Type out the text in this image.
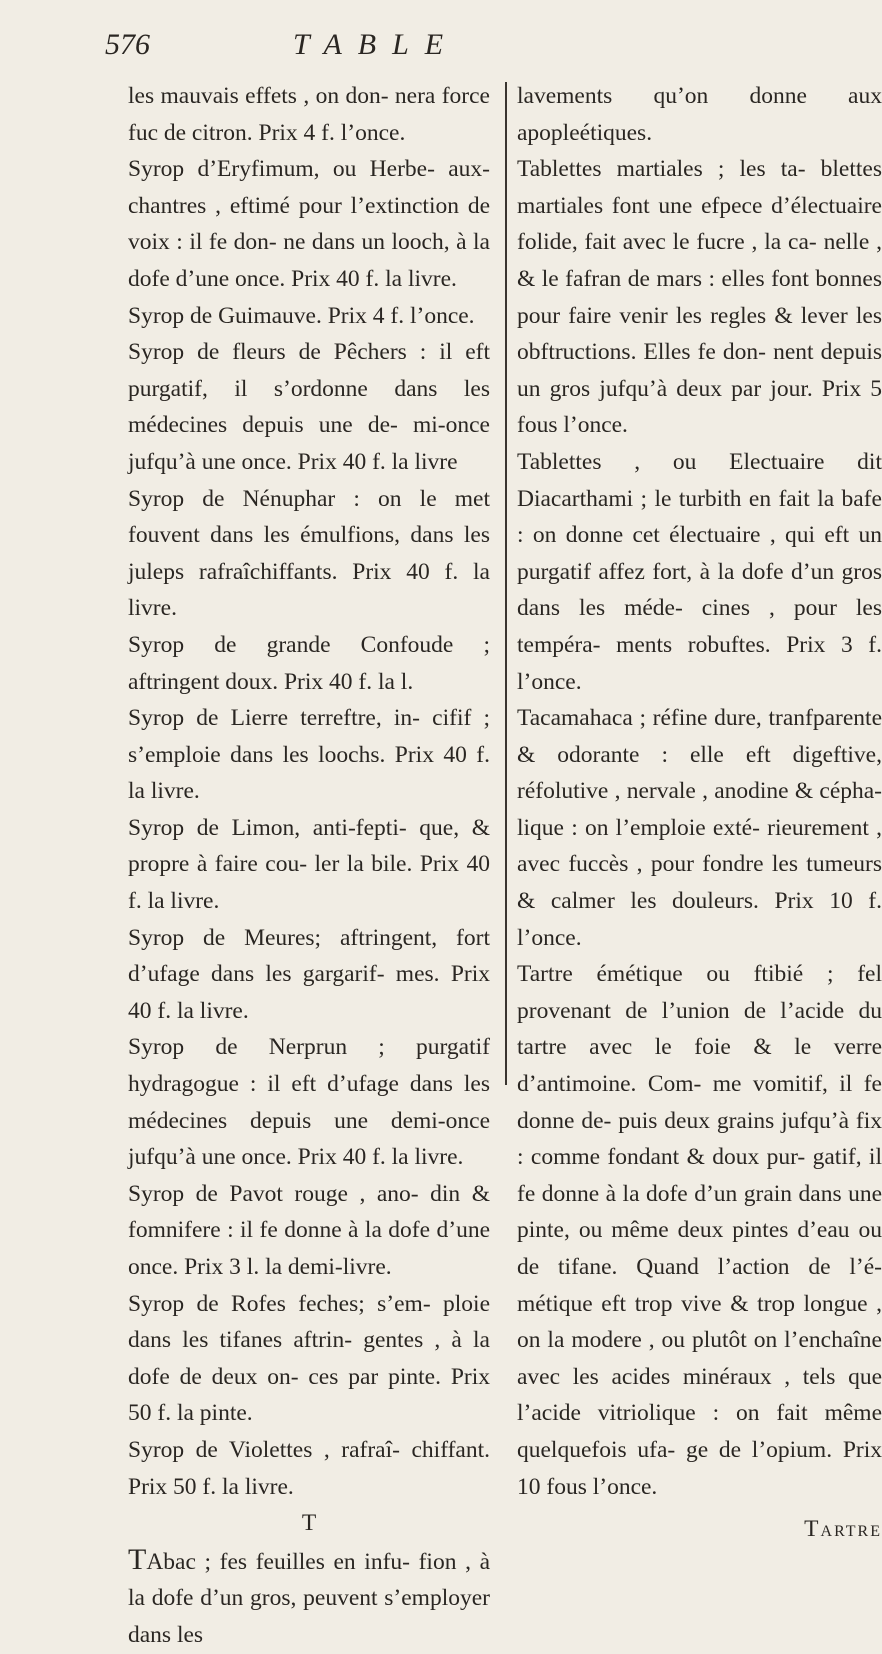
576	TABLE

les mauvais effets , on don- nera force fuc de citron. Prix 4 f. l’once.

Syrop d’Eryfimum, ou Herbe- aux-chantres , eftimé pour l’extinction de voix : il fe don- ne dans un looch, à la dofe d’une once. Prix 40 f. la livre.

Syrop de Guimauve. Prix 4 f. l’once.

Syrop de fleurs de Pêchers : il eft purgatif, il s’ordonne dans les médecines depuis une de- mi-once jufqu’à une once. Prix 40 f. la livre

Syrop de Nénuphar : on le met fouvent dans les émulfions, dans les juleps rafraîchiffants. Prix 40 f. la livre.

Syrop de grande Confoude ; aftringent doux. Prix 40 f. la l.

Syrop de Lierre terreftre, in- cifif ; s’emploie dans les loochs. Prix 40 f. la livre.

Syrop de Limon, anti-fepti- que, & propre à faire cou- ler la bile. Prix 40 f. la livre.

Syrop de Meures; aftringent, fort d’ufage dans les gargarif- mes. Prix 40 f. la livre.

Syrop de Nerprun ; purgatif hydragogue : il eft d’ufage dans les médecines depuis une demi-once jufqu’à une once. Prix 40 f. la livre.

Syrop de Pavot rouge , ano- din & fomnifere : il fe donne à la dofe d’une once. Prix 3 l. la demi-livre.

Syrop de Rofes feches; s’em- ploie dans les tifanes aftrin- gentes , à la dofe de deux on- ces par pinte. Prix 50 f. la pinte.

Syrop de Violettes , rafraî- chiffant. Prix 50 f. la livre.

T

TAbac ; fes feuilles en infu- fion , à la dofe d’un gros, peuvent s’employer dans les

lavements qu’on donne aux apopleétiques.

Tablettes martiales ; les ta- blettes martiales font une efpece d’électuaire folide, fait avec le fucre , la ca- nelle , & le fafran de mars : elles font bonnes pour faire venir les regles & lever les obftructions. Elles fe don- nent depuis un gros jufqu’à deux par jour. Prix 5 fous l’once.

Tablettes , ou Electuaire dit Diacarthami ; le turbith en fait la bafe : on donne cet électuaire , qui eft un purgatif affez fort, à la dofe d’un gros dans les méde- cines , pour les tempéra- ments robuftes. Prix 3 f. l’once.

Tacamahaca ; réfine dure, tranfparente & odorante : elle eft digeftive, réfolutive , nervale , anodine & cépha- lique : on l’emploie exté- rieurement , avec fuccès , pour fondre les tumeurs & calmer les douleurs. Prix 10 f. l’once.

Tartre émétique ou ftibié ; fel provenant de l’union de l’acide du tartre avec le foie & le verre d’antimoine. Com- me vomitif, il fe donne de- puis deux grains jufqu’à fix : comme fondant & doux pur- gatif, il fe donne à la dofe d’un grain dans une pinte, ou même deux pintes d’eau ou de tifane. Quand l’action de l’é- métique eft trop vive & trop longue , on la modere , ou plutôt on l’enchaîne avec les acides minéraux , tels que l’acide vitriolique : on fait même quelquefois ufa- ge de l’opium. Prix 10 fous l’once.

Tartre
